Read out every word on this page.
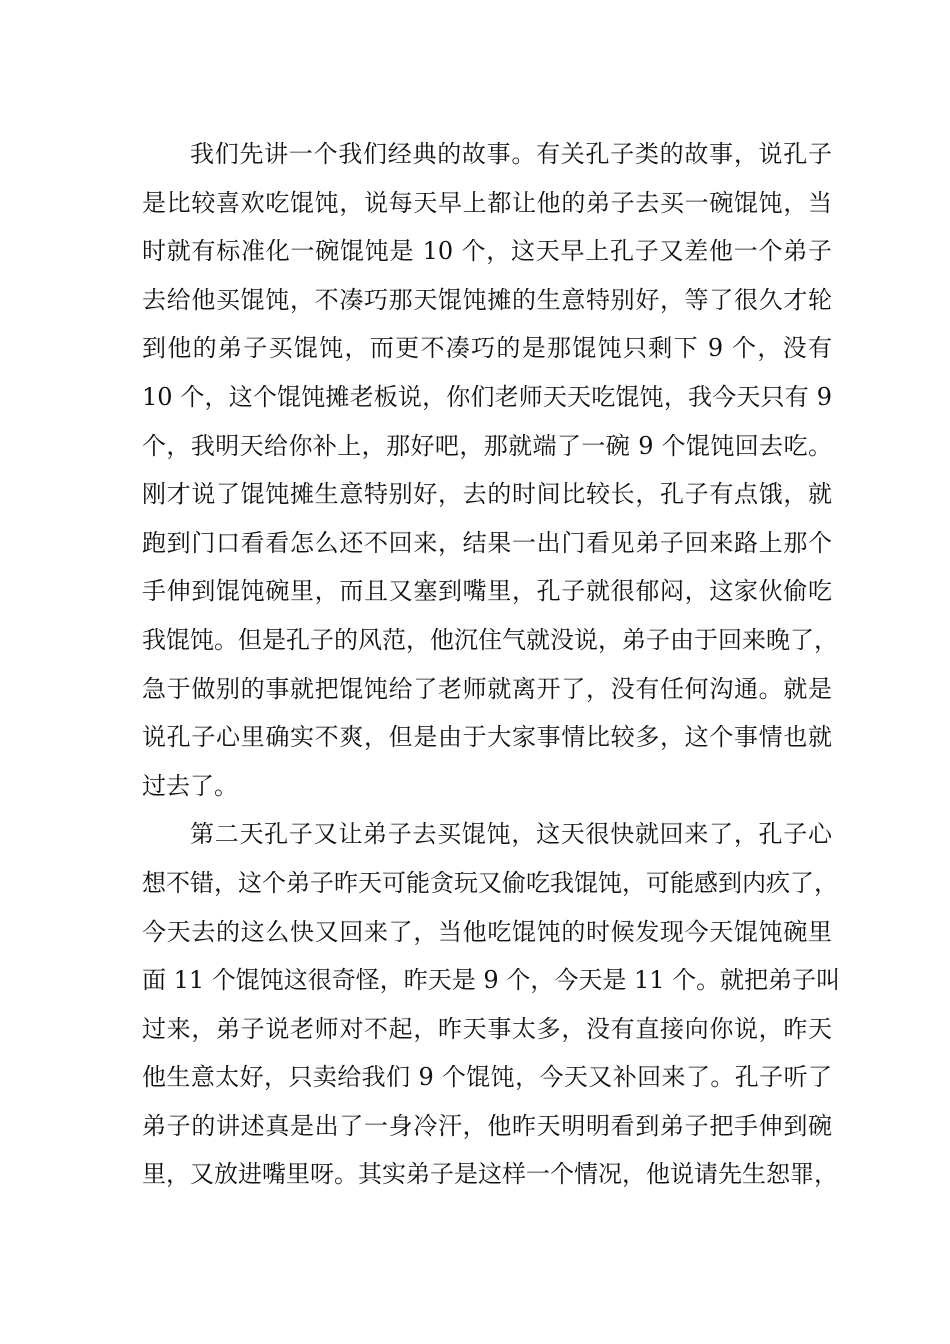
我们先讲一个我们经典的故事。有关孔子类的故事，说孔子
是比较喜欢吃馄饨，说每天早上都让他的弟子去买一碗馄饨，当
时就有标准化一碗馄饨是 10 个，这天早上孔子又差他一个弟子
去给他买馄饨，不凑巧那天馄饨摊的生意特别好，等了很久才轮
到他的弟子买馄饨，而更不凑巧的是那馄饨只剩下 9 个，没有
10 个，这个馄饨摊老板说，你们老师天天吃馄饨，我今天只有 9
个，我明天给你补上，那好吧，那就端了一碗 9 个馄饨回去吃。
刚才说了馄饨摊生意特别好，去的时间比较长，孔子有点饿，就
跑到门口看看怎么还不回来，结果一出门看见弟子回来路上那个
手伸到馄饨碗里，而且又塞到嘴里，孔子就很郁闷，这家伙偷吃
我馄饨。但是孔子的风范，他沉住气就没说，弟子由于回来晚了，
急于做别的事就把馄饨给了老师就离开了，没有任何沟通。就是
说孔子心里确实不爽，但是由于大家事情比较多，这个事情也就
过去了。
第二天孔子又让弟子去买馄饨，这天很快就回来了，孔子心
想不错，这个弟子昨天可能贪玩又偷吃我馄饨，可能感到内疚了，
今天去的这么快又回来了，当他吃馄饨的时候发现今天馄饨碗里
面 11 个馄饨这很奇怪，昨天是 9 个，今天是 11 个。就把弟子叫
过来，弟子说老师对不起，昨天事太多，没有直接向你说，昨天
他生意太好，只卖给我们 9 个馄饨，今天又补回来了。孔子听了
弟子的讲述真是出了一身冷汗，他昨天明明看到弟子把手伸到碗
里，又放进嘴里呀。其实弟子是这样一个情况，他说请先生恕罪，
